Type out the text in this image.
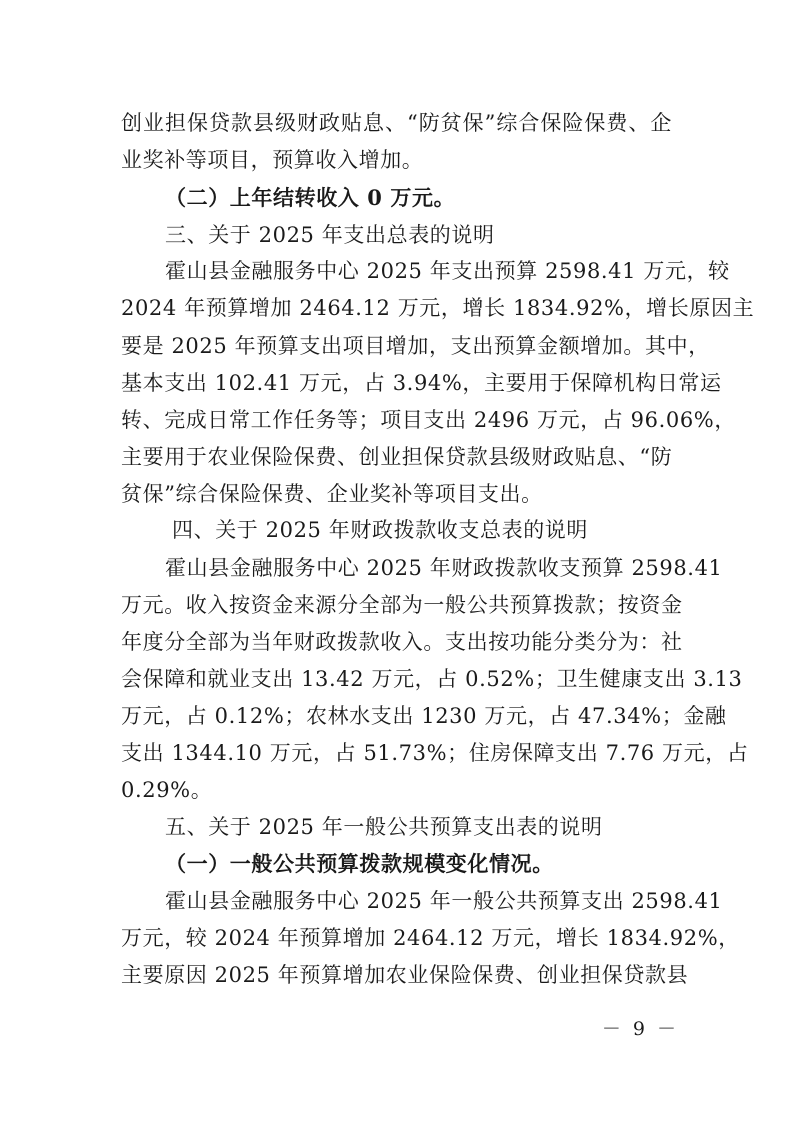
创业担保贷款县级财政贴息、“防贫保”综合保险保费、企
业奖补等项目，预算收入增加。
（二）上年结转收入 0 万元。
三、关于 2025 年支出总表的说明
霍山县金融服务中心 2025 年支出预算 2598.41 万元，较
2024 年预算增加 2464.12 万元，增长 1834.92%，增长原因主
要是 2025 年预算支出项目增加，支出预算金额增加。其中，
基本支出 102.41 万元，占 3.94%，主要用于保障机构日常运
转、完成日常工作任务等；项目支出 2496 万元，占 96.06%，
主要用于农业保险保费、创业担保贷款县级财政贴息、“防
贫保”综合保险保费、企业奖补等项目支出。
四、关于 2025 年财政拨款收支总表的说明
霍山县金融服务中心 2025 年财政拨款收支预算 2598.41
万元。收入按资金来源分全部为一般公共预算拨款；按资金
年度分全部为当年财政拨款收入。支出按功能分类分为：社
会保障和就业支出 13.42 万元，占 0.52%；卫生健康支出 3.13
万元，占 0.12%；农林水支出 1230 万元，占 47.34%；金融
支出 1344.10 万元，占 51.73%；住房保障支出 7.76 万元，占
0.29%。
五、关于 2025 年一般公共预算支出表的说明
（一）一般公共预算拨款规模变化情况。
霍山县金融服务中心 2025 年一般公共预算支出 2598.41
万元，较 2024 年预算增加 2464.12 万元，增长 1834.92%，
主要原因 2025 年预算增加农业保险保费、创业担保贷款县
－ 9 －
